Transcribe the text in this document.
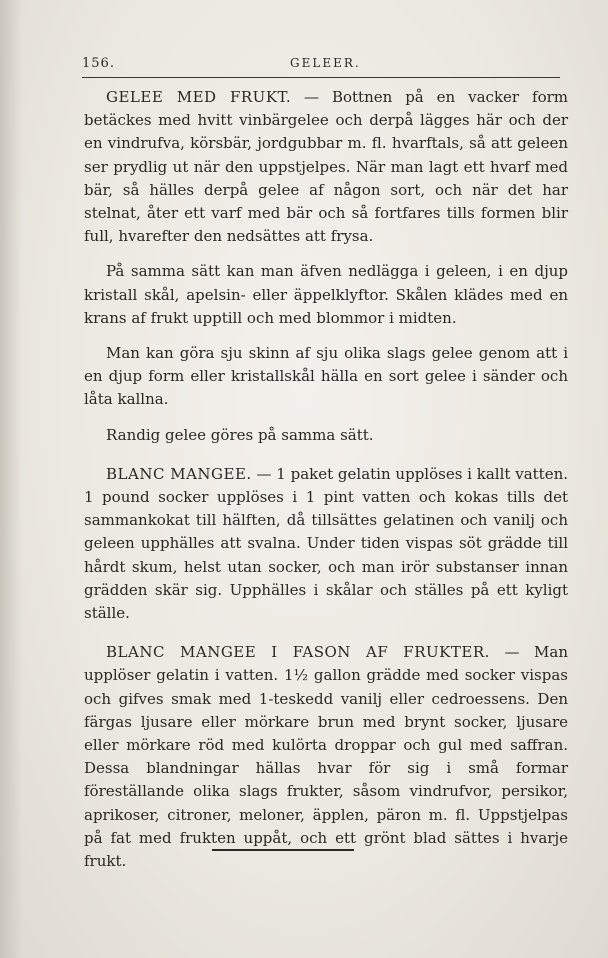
156.	GELEER.

GELEE MED FRUKT. — Bottnen på en vacker form betäckes med hvitt vinbärgelee och derpå lägges här och der en vindrufva, körsbär, jordgubbar m. fl. hvarftals, så att geleen ser prydlig ut när den uppstjelpes. När man lagt ett hvarf med bär, så hälles derpå gelee af någon sort, och när det har stelnat, åter ett varf med bär och så fortfares tills formen blir full, hvarefter den nedsättes att frysa.

På samma sätt kan man äfven nedlägga i geleen, i en djup kristall skål, apelsin- eller äppelklyftor. Skålen klädes med en krans af frukt upptill och med blommor i midten.

Man kan göra sju skinn af sju olika slags gelee genom att i en djup form eller kristallskål hälla en sort gelee i sänder och låta kallna.

Randig gelee göres på samma sätt.

BLANC MANGEE. — 1 paket gelatin upplöses i kallt vatten. 1 pound socker upplöses i 1 pint vatten och kokas tills det sammankokat till hälften, då tillsättes gelatinen och vanilj och geleen upphälles att svalna. Under tiden vispas söt grädde till hårdt skum, helst utan socker, och man irör substanser innan grädden skär sig. Upphälles i skålar och ställes på ett kyligt ställe.

BLANC MANGEE I FASON AF FRUKTER. — Man upplöser gelatin i vatten. 1½ gallon grädde med socker vispas och gifves smak med 1-teskedd vanilj eller cedroessens. Den färgas ljusare eller mörkare brun med brynt socker, ljusare eller mörkare röd med kulörta droppar och gul med saffran. Dessa blandningar hällas hvar för sig i små formar föreställande olika slags frukter, såsom vindrufvor, persikor, aprikoser, citroner, meloner, äpplen, päron m. fl. Uppstjelpas på fat med frukten uppåt, och ett grönt blad sättes i hvarje frukt.
